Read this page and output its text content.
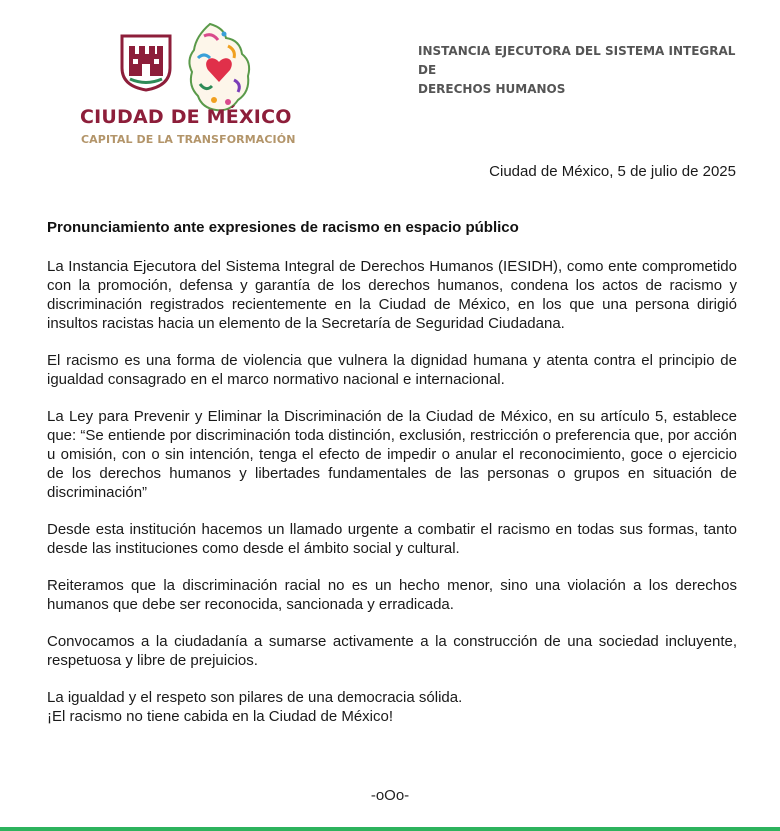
CIUDAD DE MÉXICO
CAPITAL DE LA TRANSFORMACIÓN
INSTANCIA EJECUTORA DEL SISTEMA INTEGRAL DE
DERECHOS HUMANOS
Ciudad de México, 5 de julio de 2025
Pronunciamiento ante expresiones de racismo en espacio público

La Instancia Ejecutora del Sistema Integral de Derechos Humanos (IESIDH), como ente comprometido con la promoción, defensa y garantía de los derechos humanos, condena los actos de racismo y discriminación registrados recientemente en la Ciudad de México, en los que una persona dirigió insultos racistas hacia un elemento de la Secretaría de Seguridad Ciudadana.

El racismo es una forma de violencia que vulnera la dignidad humana y atenta contra el principio de igualdad consagrado en el marco normativo nacional e internacional.

La Ley para Prevenir y Eliminar la Discriminación de la Ciudad de México, en su artículo 5, establece que: “Se entiende por discriminación toda distinción, exclusión, restricción o preferencia que, por acción u omisión, con o sin intención, tenga el efecto de impedir o anular el reconocimiento, goce o ejercicio de los derechos humanos y libertades fundamentales de las personas o grupos en situación de discriminación”

Desde esta institución hacemos un llamado urgente a combatir el racismo en todas sus formas, tanto desde las instituciones como desde el ámbito social y cultural.

Reiteramos que la discriminación racial no es un hecho menor, sino una violación a los derechos humanos que debe ser reconocida, sancionada y erradicada.

Convocamos a la ciudadanía a sumarse activamente a la construcción de una sociedad incluyente, respetuosa y libre de prejuicios.

La igualdad y el respeto son pilares de una democracia sólida.
¡El racismo no tiene cabida en la Ciudad de México!

-oOo-
